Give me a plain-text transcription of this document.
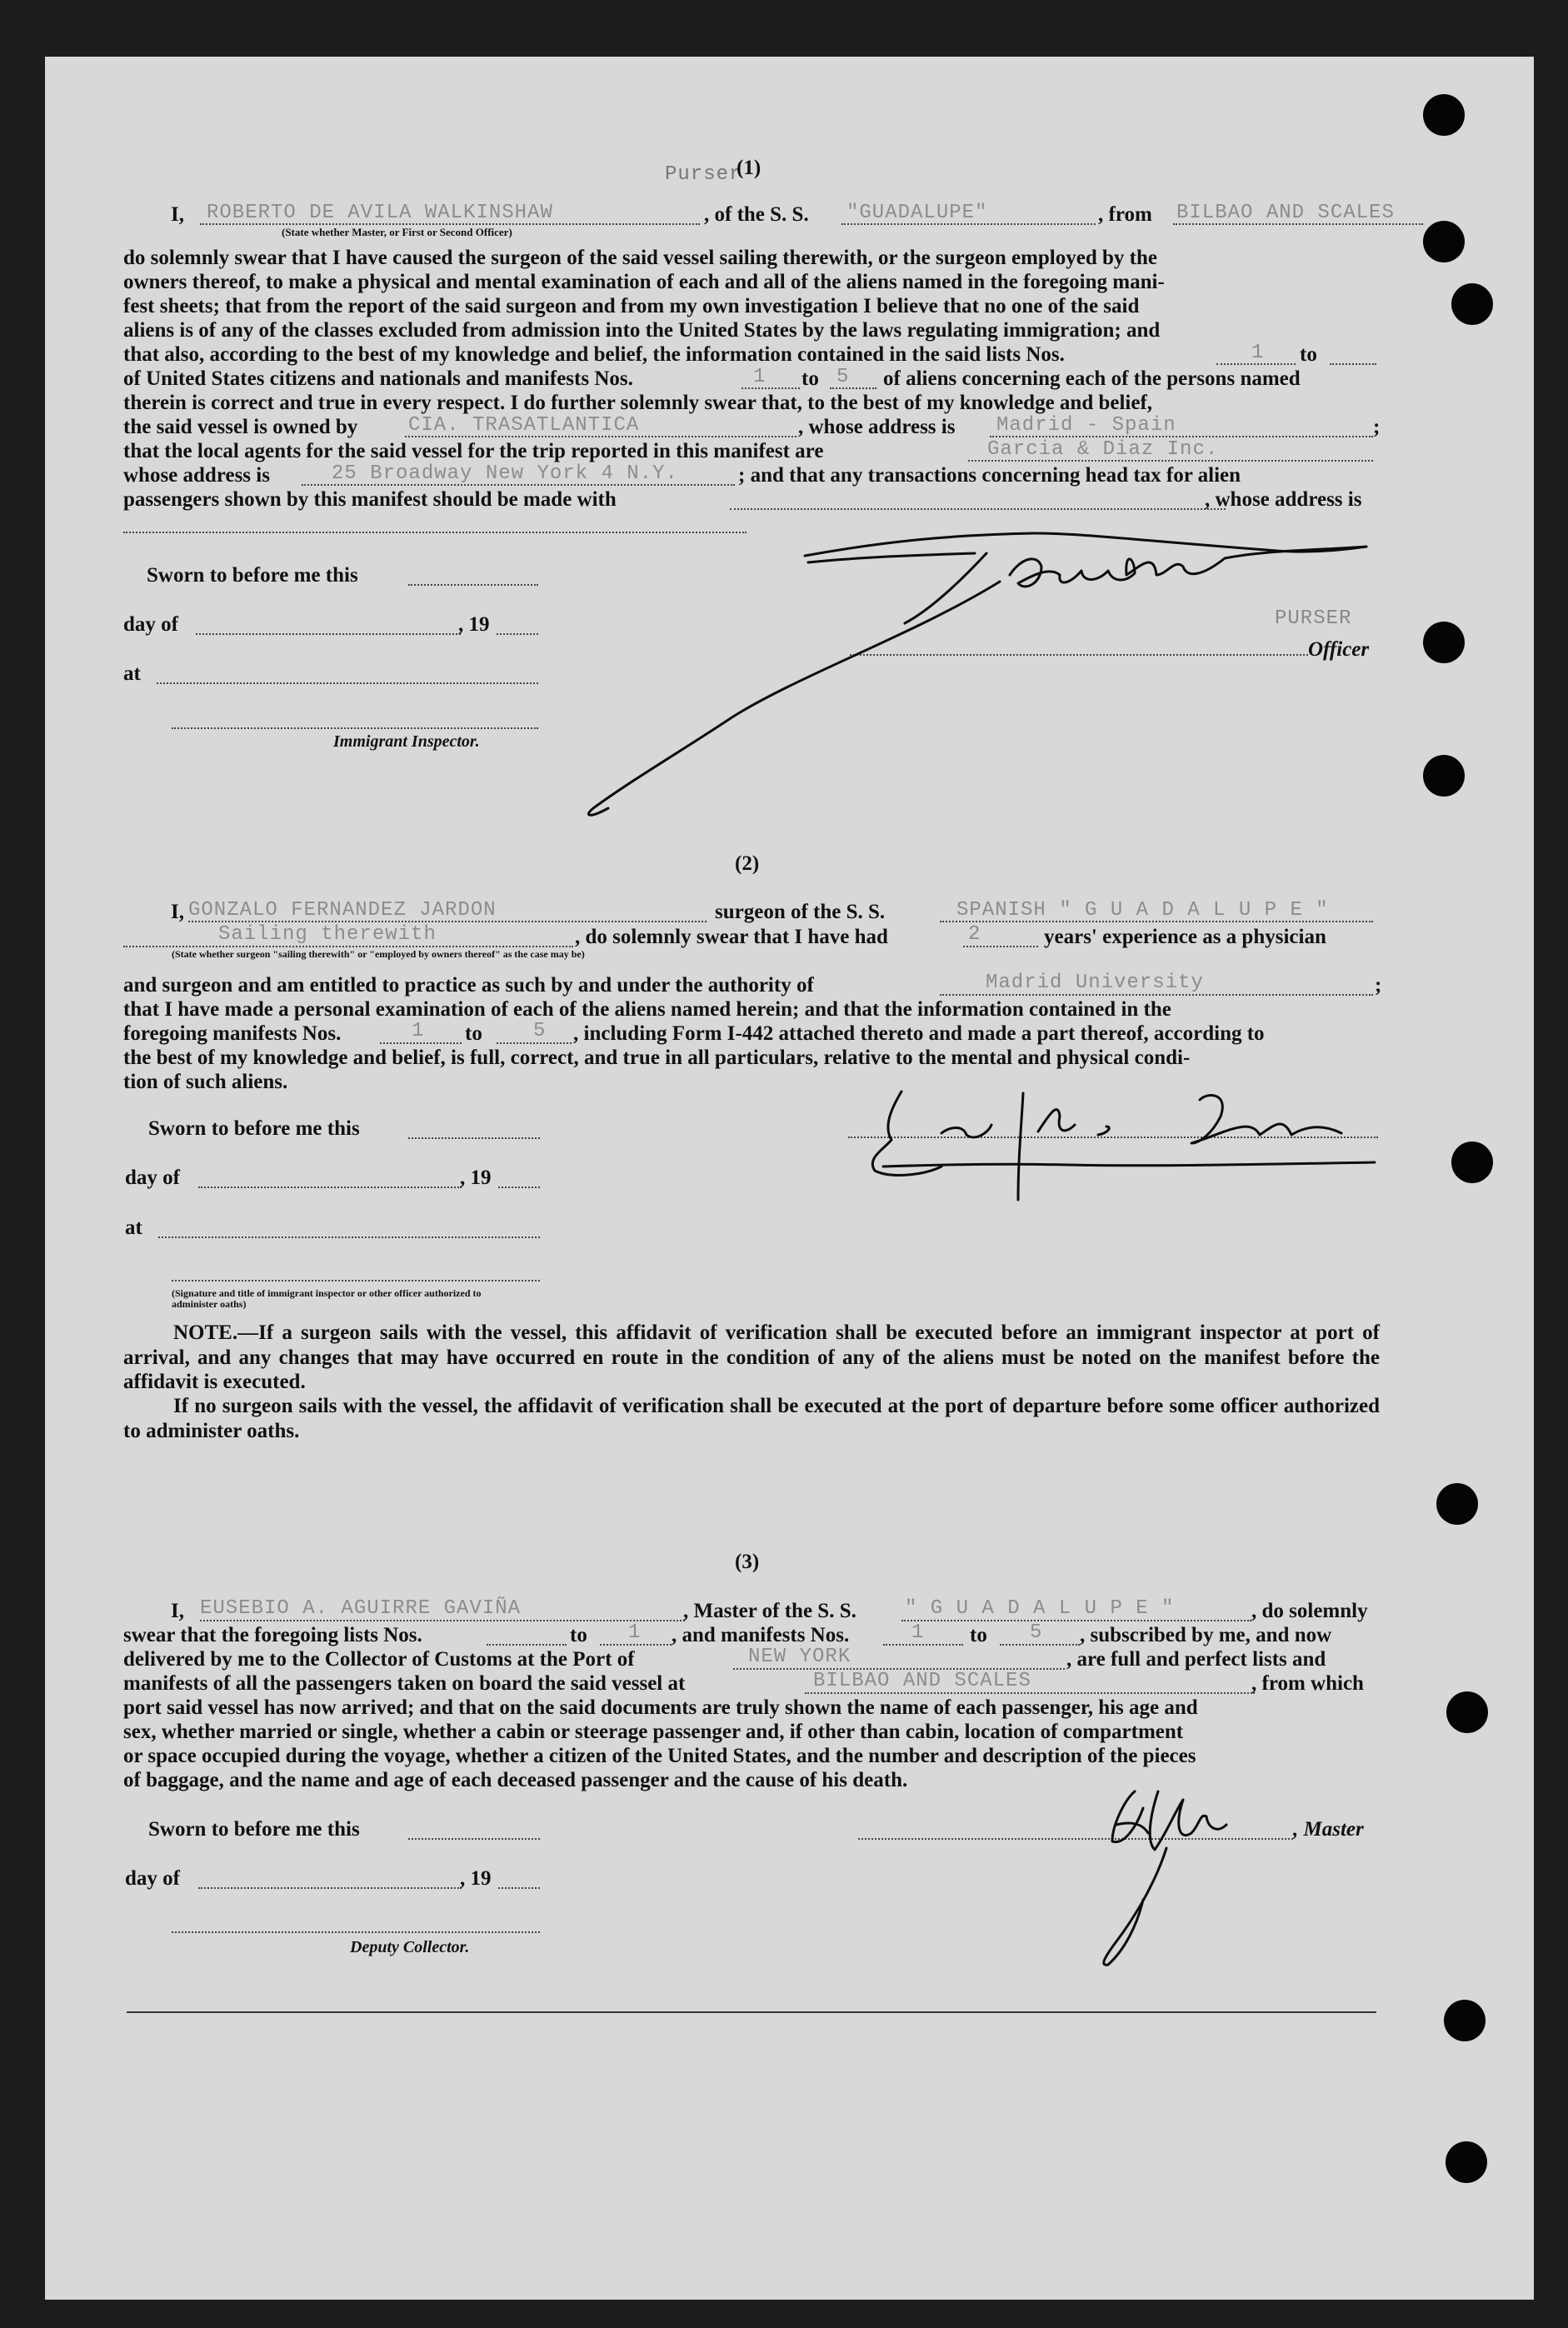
Purser
(1)
I, ROBERTO DE AVILA WALKINSHAW
(State whether Master, or First or Second Officer)
, of the S. S. "GUADALUPE"	, from BILBAO AND SCALES
do solemnly swear that I have caused the surgeon of the said vessel sailing therewith, or the surgeon employed by the
owners thereof, to make a physical and mental examination of each and all of the aliens named in the foregoing mani-
fest sheets; that from the report of the said surgeon and from my own investigation I believe that no one of the said
aliens is of any of the classes excluded from admission into the United States by the laws regulating immigration; and
that also, according to the best of my knowledge and belief, the information contained in the said lists Nos.	1 to
of United States citizens and nationals and manifests Nos.	1 to 5 of aliens concerning each of the persons named
therein is correct and true in every respect. I do further solemnly swear that, to the best of my knowledge and belief,
the said vessel is owned by	CIA. TRASATLANTICA	, whose address is Madrid - Spain	;
that the local agents for the said vessel for the trip reported in this manifest are	Garcia & Diaz Inc.
whose address is	25 Broadway New York 4 N.Y.	; and that any transactions concerning head tax for alien
passengers shown by this manifest should be made with	, whose address is
Sworn to before me this
day of	, 19
at
Immigrant Inspector.
PURSER
Officer
(2)
I, GONZALO FERNANDEZ JARDON	surgeon of the S. S.	SPANISH " G U A D A L U P E "
Sailing therewith	, do solemnly swear that I have had	2	years' experience as a physician
(State whether surgeon "sailing therewith" or "employed by owners thereof" as the case may be)
and surgeon and am entitled to practice as such by and under the authority of	Madrid University	;
that I have made a personal examination of each of the aliens named herein; and that the information contained in the
foregoing manifests Nos.	1 to	5 , including Form I-442 attached thereto and made a part thereof, according to
the best of my knowledge and belief, is full, correct, and true in all particulars, relative to the mental and physical condi-
tion of such aliens.
Sworn to before me this
day of	, 19
at
(Signature and title of immigrant inspector or other officer authorized to administer oaths)
NOTE.—If a surgeon sails with the vessel, this affidavit of verification shall be executed before an immigrant inspector at port of arrival, and any changes that may have occurred en route in the condition of any of the aliens must be noted on the manifest before the affidavit is executed.
If no surgeon sails with the vessel, the affidavit of verification shall be executed at the port of departure before some officer authorized to administer oaths.
(3)
I, EUSEBIO A. AGUIRRE GAVIÑA	, Master of the S. S. " G U A D A L U P E "	, do solemnly
swear that the foregoing lists Nos.	to 1 , and manifests Nos.	1 to 5 , subscribed by me, and now
delivered by me to the Collector of Customs at the Port of	NEW YORK	, are full and perfect lists and
manifests of all the passengers taken on board the said vessel at	BILBAO AND SCALES	, from which
port said vessel has now arrived; and that on the said documents are truly shown the name of each passenger, his age and
sex, whether married or single, whether a cabin or steerage passenger and, if other than cabin, location of compartment
or space occupied during the voyage, whether a citizen of the United States, and the number and description of the pieces
of baggage, and the name and age of each deceased passenger and the cause of his death.
Sworn to before me this
day of	, 19
Deputy Collector.
, Master
